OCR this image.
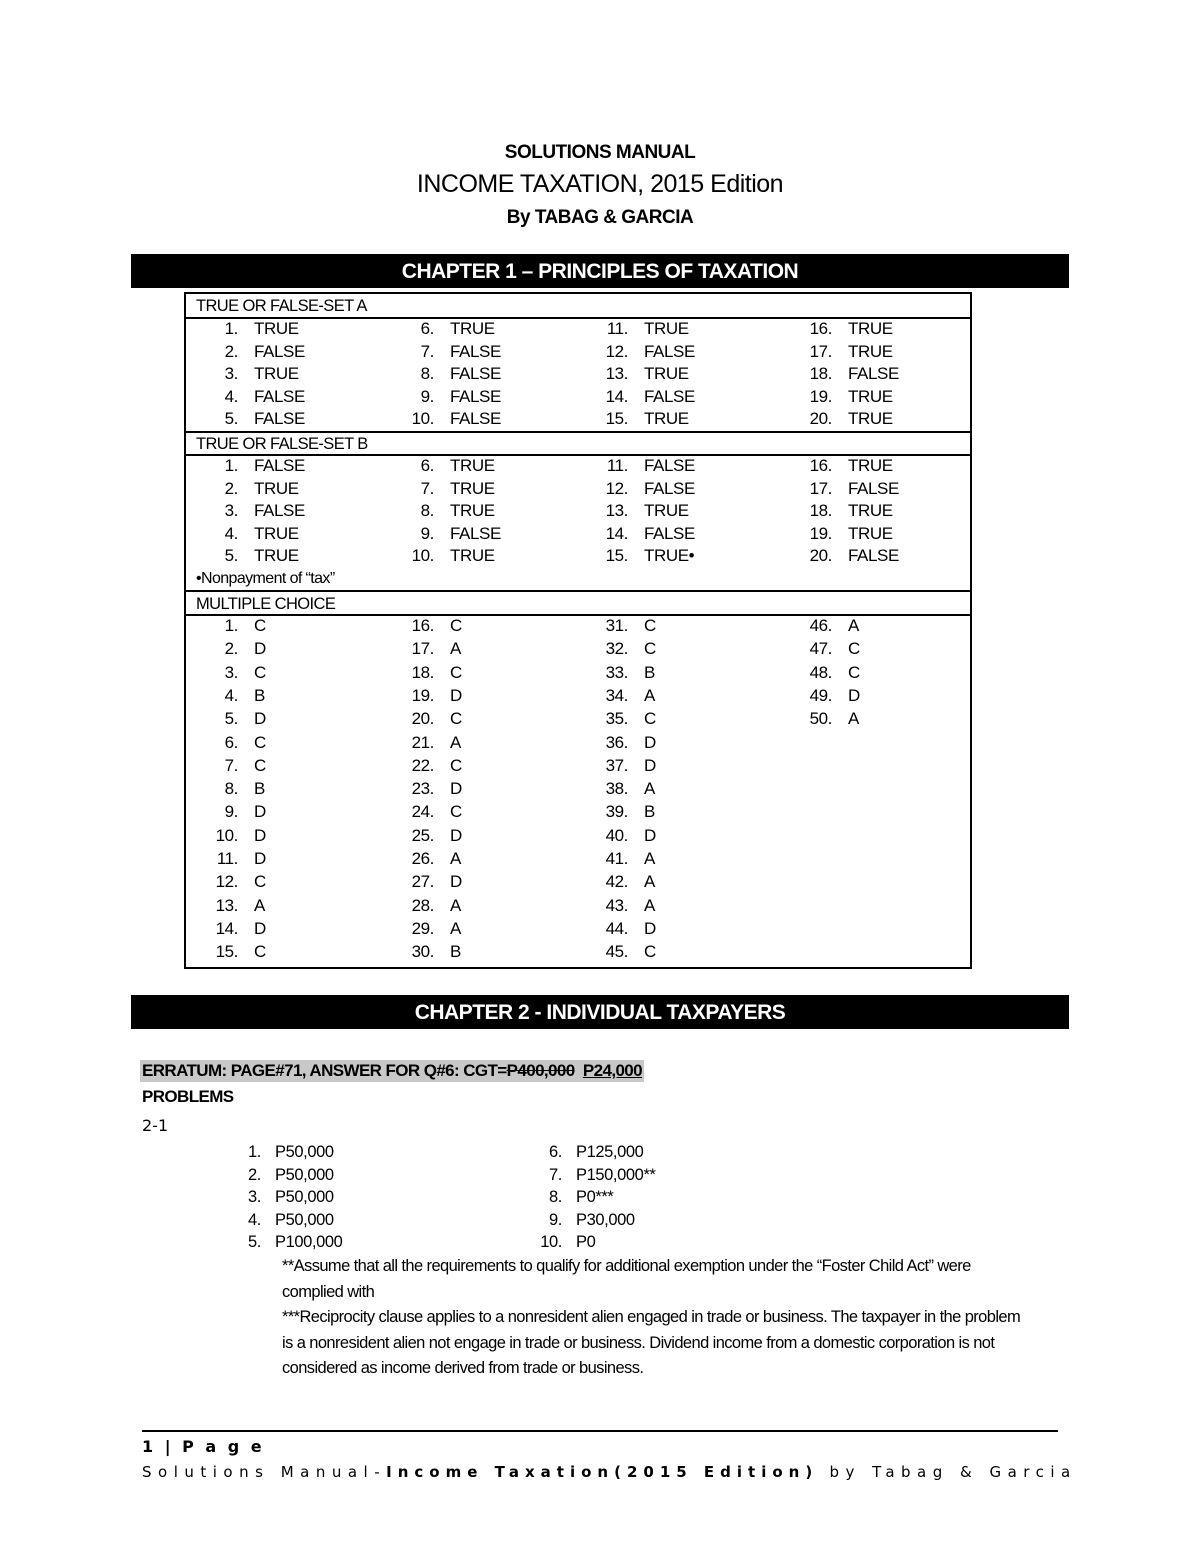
SOLUTIONS MANUAL
INCOME TAXATION, 2015 Edition
By TABAG & GARCIA
CHAPTER 1 – PRINCIPLES OF TAXATION
TRUE OR FALSE-SET A
1. TRUE
2. FALSE
3. TRUE
4. FALSE
5. FALSE
6. TRUE
7. FALSE
8. FALSE
9. FALSE
10. FALSE
11. TRUE
12. FALSE
13. TRUE
14. FALSE
15. TRUE
16. TRUE
17. TRUE
18. FALSE
19. TRUE
20. TRUE
TRUE OR FALSE-SET B
1. FALSE
2. TRUE
3. FALSE
4. TRUE
5. TRUE
6. TRUE
7. TRUE
8. TRUE
9. FALSE
10. TRUE
11. FALSE
12. FALSE
13. TRUE
14. FALSE
15. TRUE•
16. TRUE
17. FALSE
18. TRUE
19. TRUE
20. FALSE
•Nonpayment of “tax”
MULTIPLE CHOICE
1. C
2. D
3. C
4. B
5. D
6. C
7. C
8. B
9. D
10. D
11. D
12. C
13. A
14. D
15. C
16. C
17. A
18. C
19. D
20. C
21. A
22. C
23. D
24. C
25. D
26. A
27. D
28. A
29. A
30. B
31. C
32. C
33. B
34. A
35. C
36. D
37. D
38. A
39. B
40. D
41. A
42. A
43. A
44. D
45. C
46. A
47. C
48. C
49. D
50. A
CHAPTER 2 - INDIVIDUAL TAXPAYERS
ERRATUM: PAGE#71, ANSWER FOR Q#6: CGT=P400,000 P24,000
PROBLEMS
2-1
1. P50,000
2. P50,000
3. P50,000
4. P50,000
5. P100,000
6. P125,000
7. P150,000**
8. P0***
9. P30,000
10. P0
**Assume that all the requirements to qualify for additional exemption under the “Foster Child Act” were complied with
***Reciprocity clause applies to a nonresident alien engaged in trade or business. The taxpayer in the problem is a nonresident alien not engage in trade or business. Dividend income from a domestic corporation is not considered as income derived from trade or business.
1 | P a g e
Solutions Manual-Income Taxation(2015 Edition) by Tabag & Garcia
